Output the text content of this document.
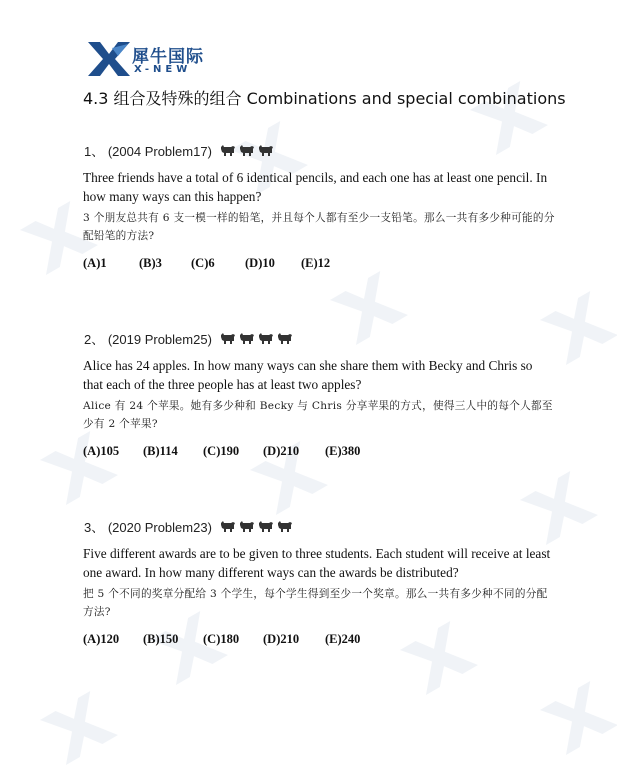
犀牛国际
X-NEW
4.3 组合及特殊的组合 Combinations and special combinations
1、 (2004 Problem17)
Three friends have a total of 6 identical pencils, and each one has at least one pencil. In how many ways can this happen?
3 个朋友总共有 6 支一模一样的铅笔，并且每个人都有至少一支铅笔。那么一共有多少种可能的分配铅笔的方法?
(A)1	(B)3 (C)6 (D)10 (E)12
2、 (2019 Problem25)
Alice has 24 apples. In how many ways can she share them with Becky and Chris so that each of the three people has at least two apples?
Alice 有 24 个苹果。她有多少种和 Becky 与 Chris 分享苹果的方式，使得三人中的每个人都至少有 2 个苹果?
(A)105 (B)114 (C)190 (D)210 (E)380
3、 (2020 Problem23)
Five different awards are to be given to three students. Each student will receive at least one award. In how many different ways can the awards be distributed?
把 5 个不同的奖章分配给 3 个学生，每个学生得到至少一个奖章。那么一共有多少种不同的分配方法?
(A)120 (B)150 (C)180 (D)210 (E)240
